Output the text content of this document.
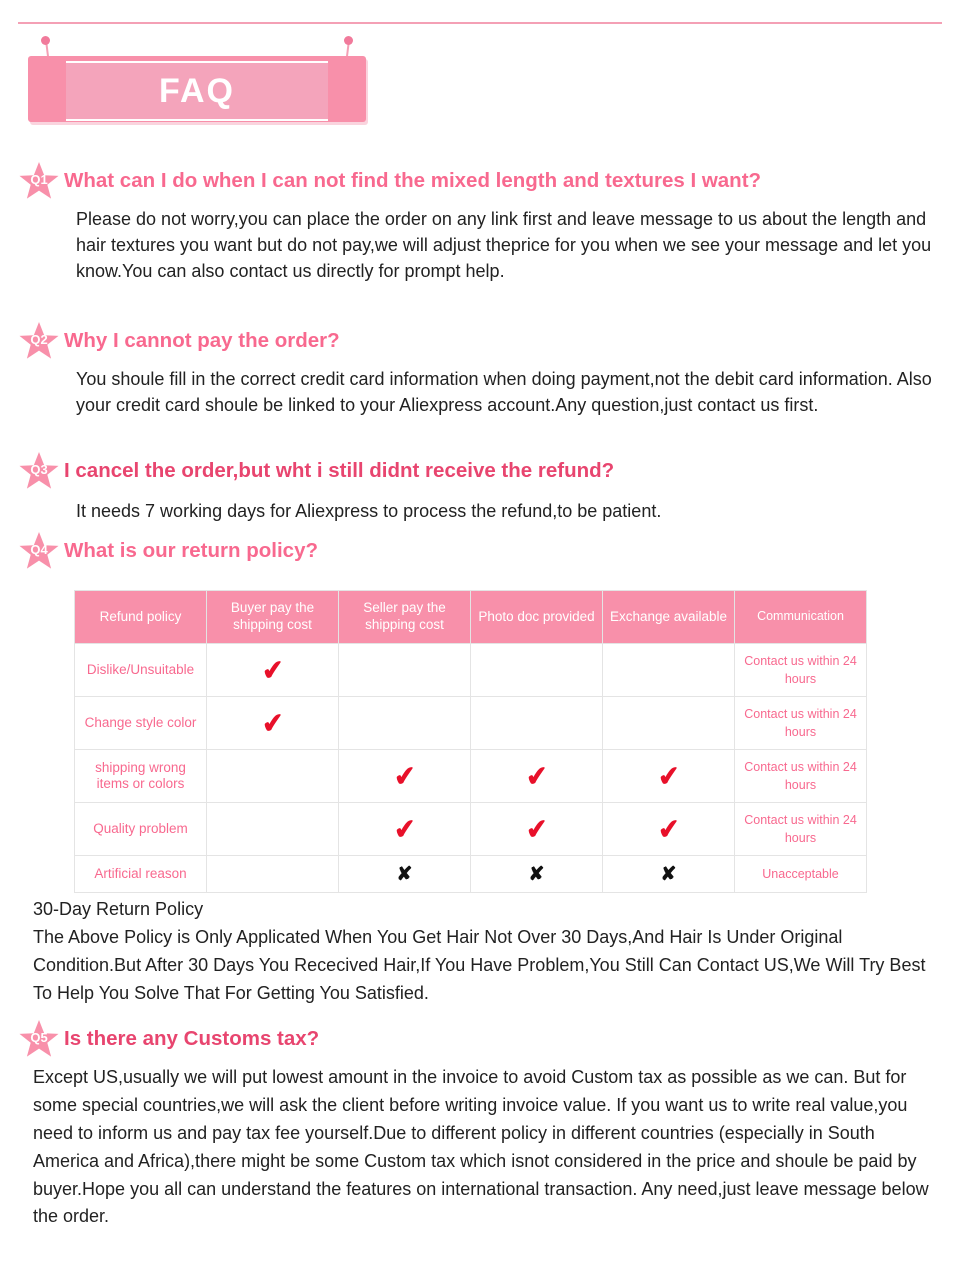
FAQ
Q1 What can I do when I can not find the mixed length and textures I want?
Please do not worry,you can place the order on any link first and leave message to us about the length and hair textures you want but do not pay,we will adjust theprice for you when we see your message and let you know.You can also contact us directly for prompt help.
Q2 Why I cannot pay the order?
You shoule fill in the correct credit card information when doing payment,not the debit card information. Also your credit card shoule be linked to your Aliexpress account.Any question,just contact us first.
Q3 I cancel the order,but wht i still didnt receive the refund?
It needs 7 working days for Aliexpress to process the refund,to be patient.
Q4 What is our return policy?
Refund policy	Buyer pay the shipping cost	Seller pay the shipping cost	Photo doc provided	Exchange available	Communication
Dislike/Unsuitable	✔				Contact us within 24 hours
Change style color	✔				Contact us within 24 hours
shipping wrong items or colors		✔	✔	✔	Contact us within 24 hours
Quality problem		✔	✔	✔	Contact us within 24 hours
Artificial reason		✘	✘	✘	Unacceptable
30-Day Return Policy
The Above Policy is Only Applicated When You Get Hair Not Over 30 Days,And Hair Is Under Original Condition.But After 30 Days You Rececived Hair,If You Have Problem,You Still Can Contact US,We Will Try Best To Help You Solve That For Getting You Satisfied.
Q5 Is there any Customs tax?
Except US,usually we will put lowest amount in the invoice to avoid Custom tax as possible as we can. But for some special countries,we will ask the client before writing invoice value. If you want us to write real value,you need to inform us and pay tax fee yourself.Due to different policy in different countries (especially in South America and Africa),there might be some Custom tax which isnot considered in the price and shoule be paid by buyer.Hope you all can understand the features on international transaction. Any need,just leave message below the order.
